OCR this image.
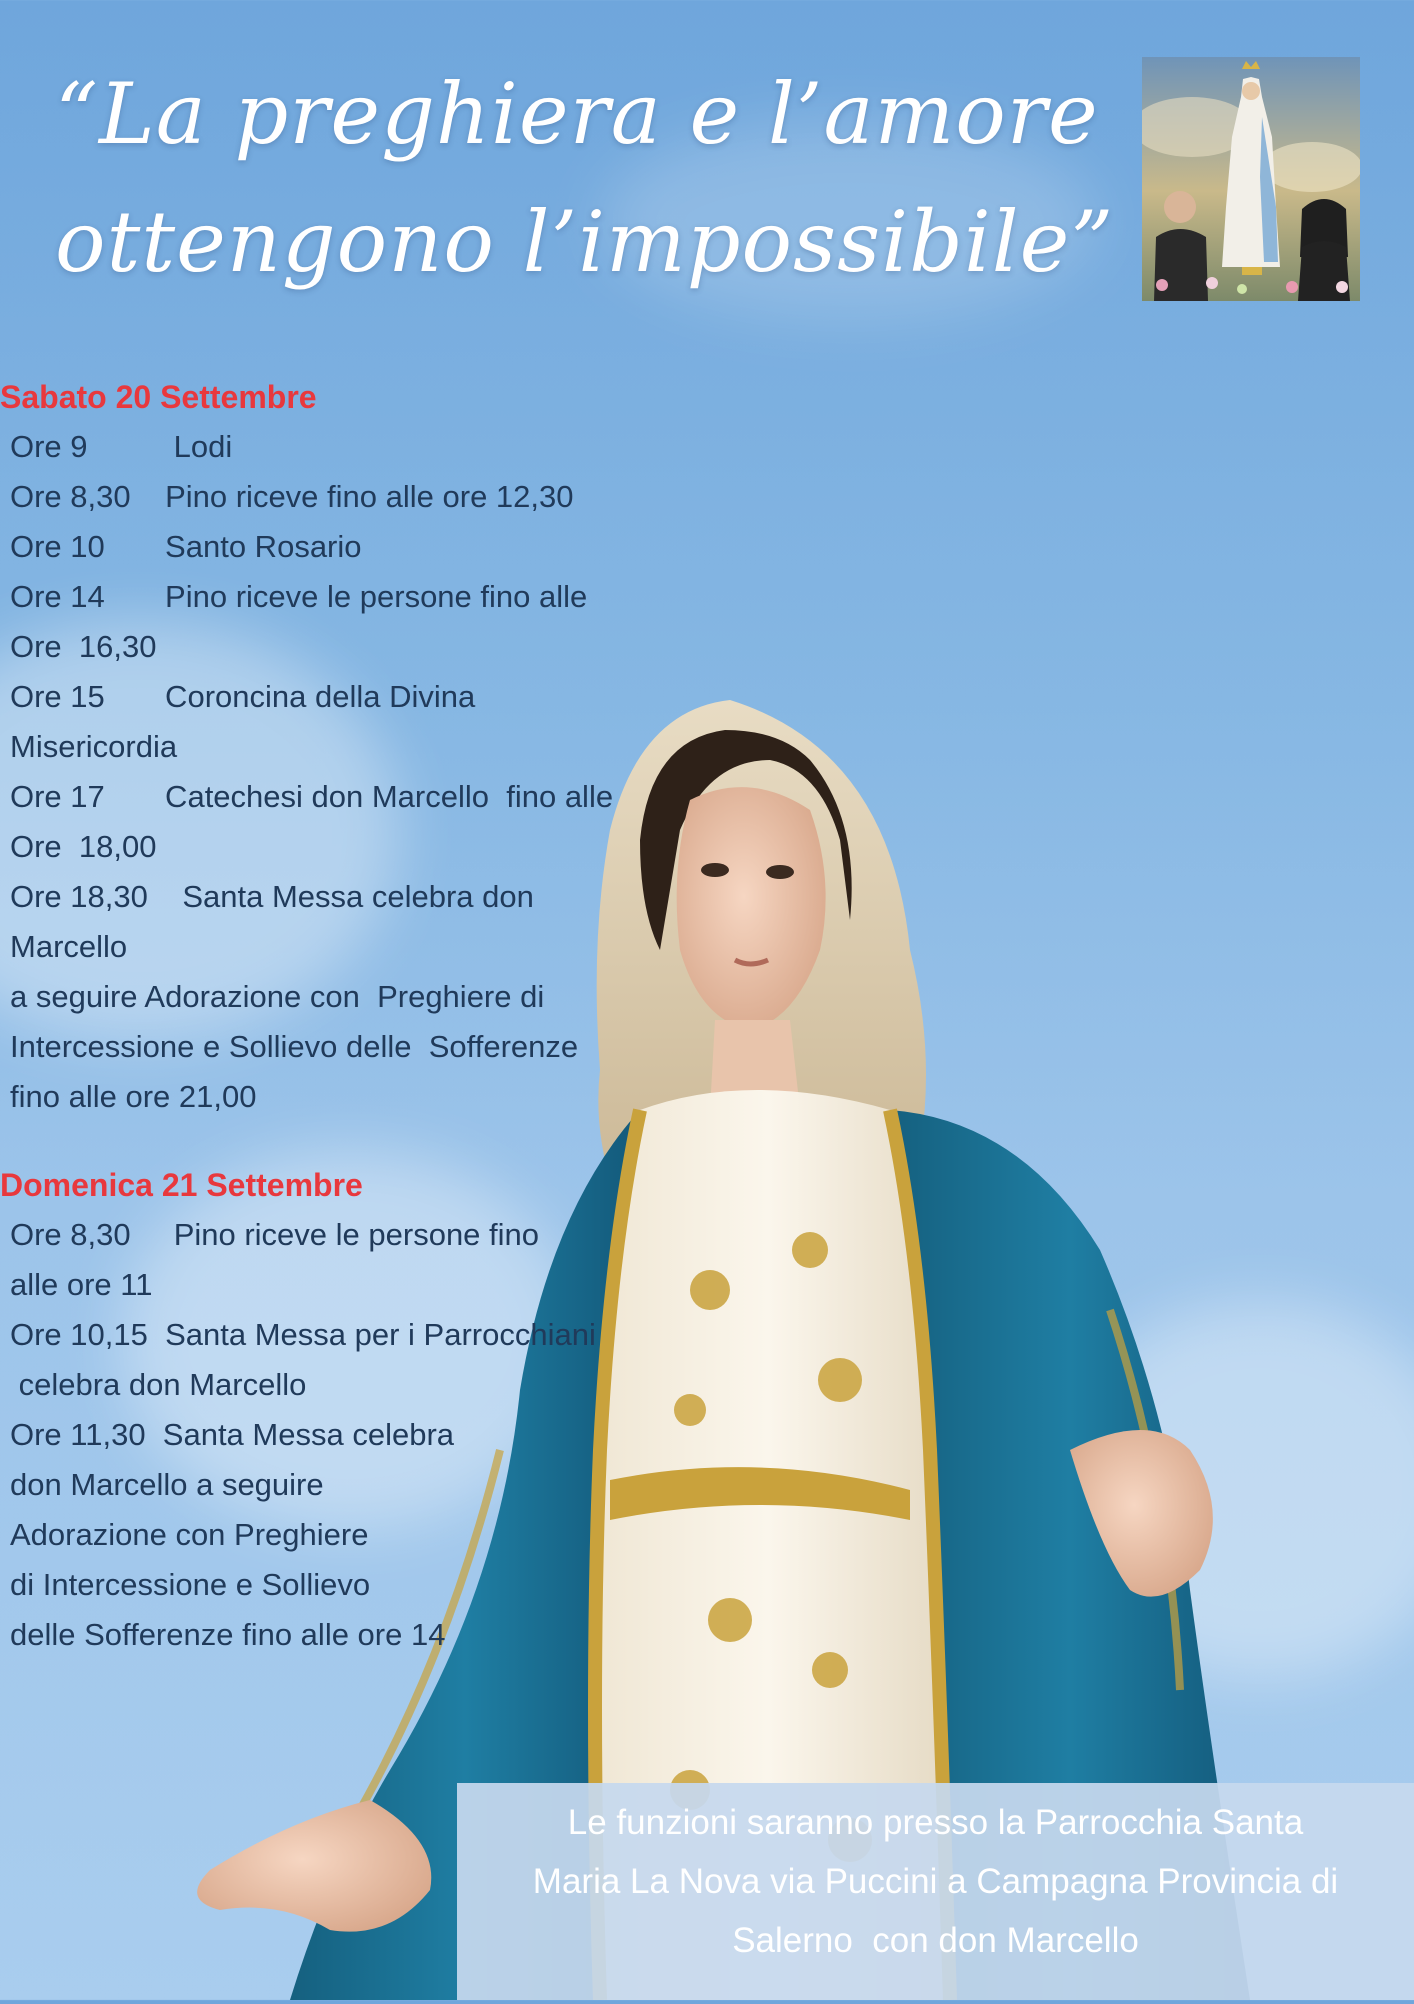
“La preghiera e l’amore
ottengono l’impossibile”
Sabato 20 Settembre
Ore 9          Lodi
Ore 8,30    Pino riceve fino alle ore 12,30
Ore 10       Santo Rosario
Ore 14       Pino riceve le persone fino alle
Ore  16,30
Ore 15       Coroncina della Divina
Misericordia
Ore 17       Catechesi don Marcello  fino alle
Ore  18,00
Ore 18,30    Santa Messa celebra don
Marcello
a seguire Adorazione con  Preghiere di
Intercessione e Sollievo delle  Sofferenze
fino alle ore 21,00
Domenica 21 Settembre
Ore 8,30     Pino riceve le persone fino
alle ore 11
Ore 10,15  Santa Messa per i Parrocchiani
celebra don Marcello
Ore 11,30  Santa Messa celebra
don Marcello a seguire
Adorazione con Preghiere
di Intercessione e Sollievo
delle Sofferenze fino alle ore 14
Le funzioni saranno presso la Parrocchia Santa
Maria La Nova via Puccini a Campagna Provincia di
Salerno  con don Marcello
